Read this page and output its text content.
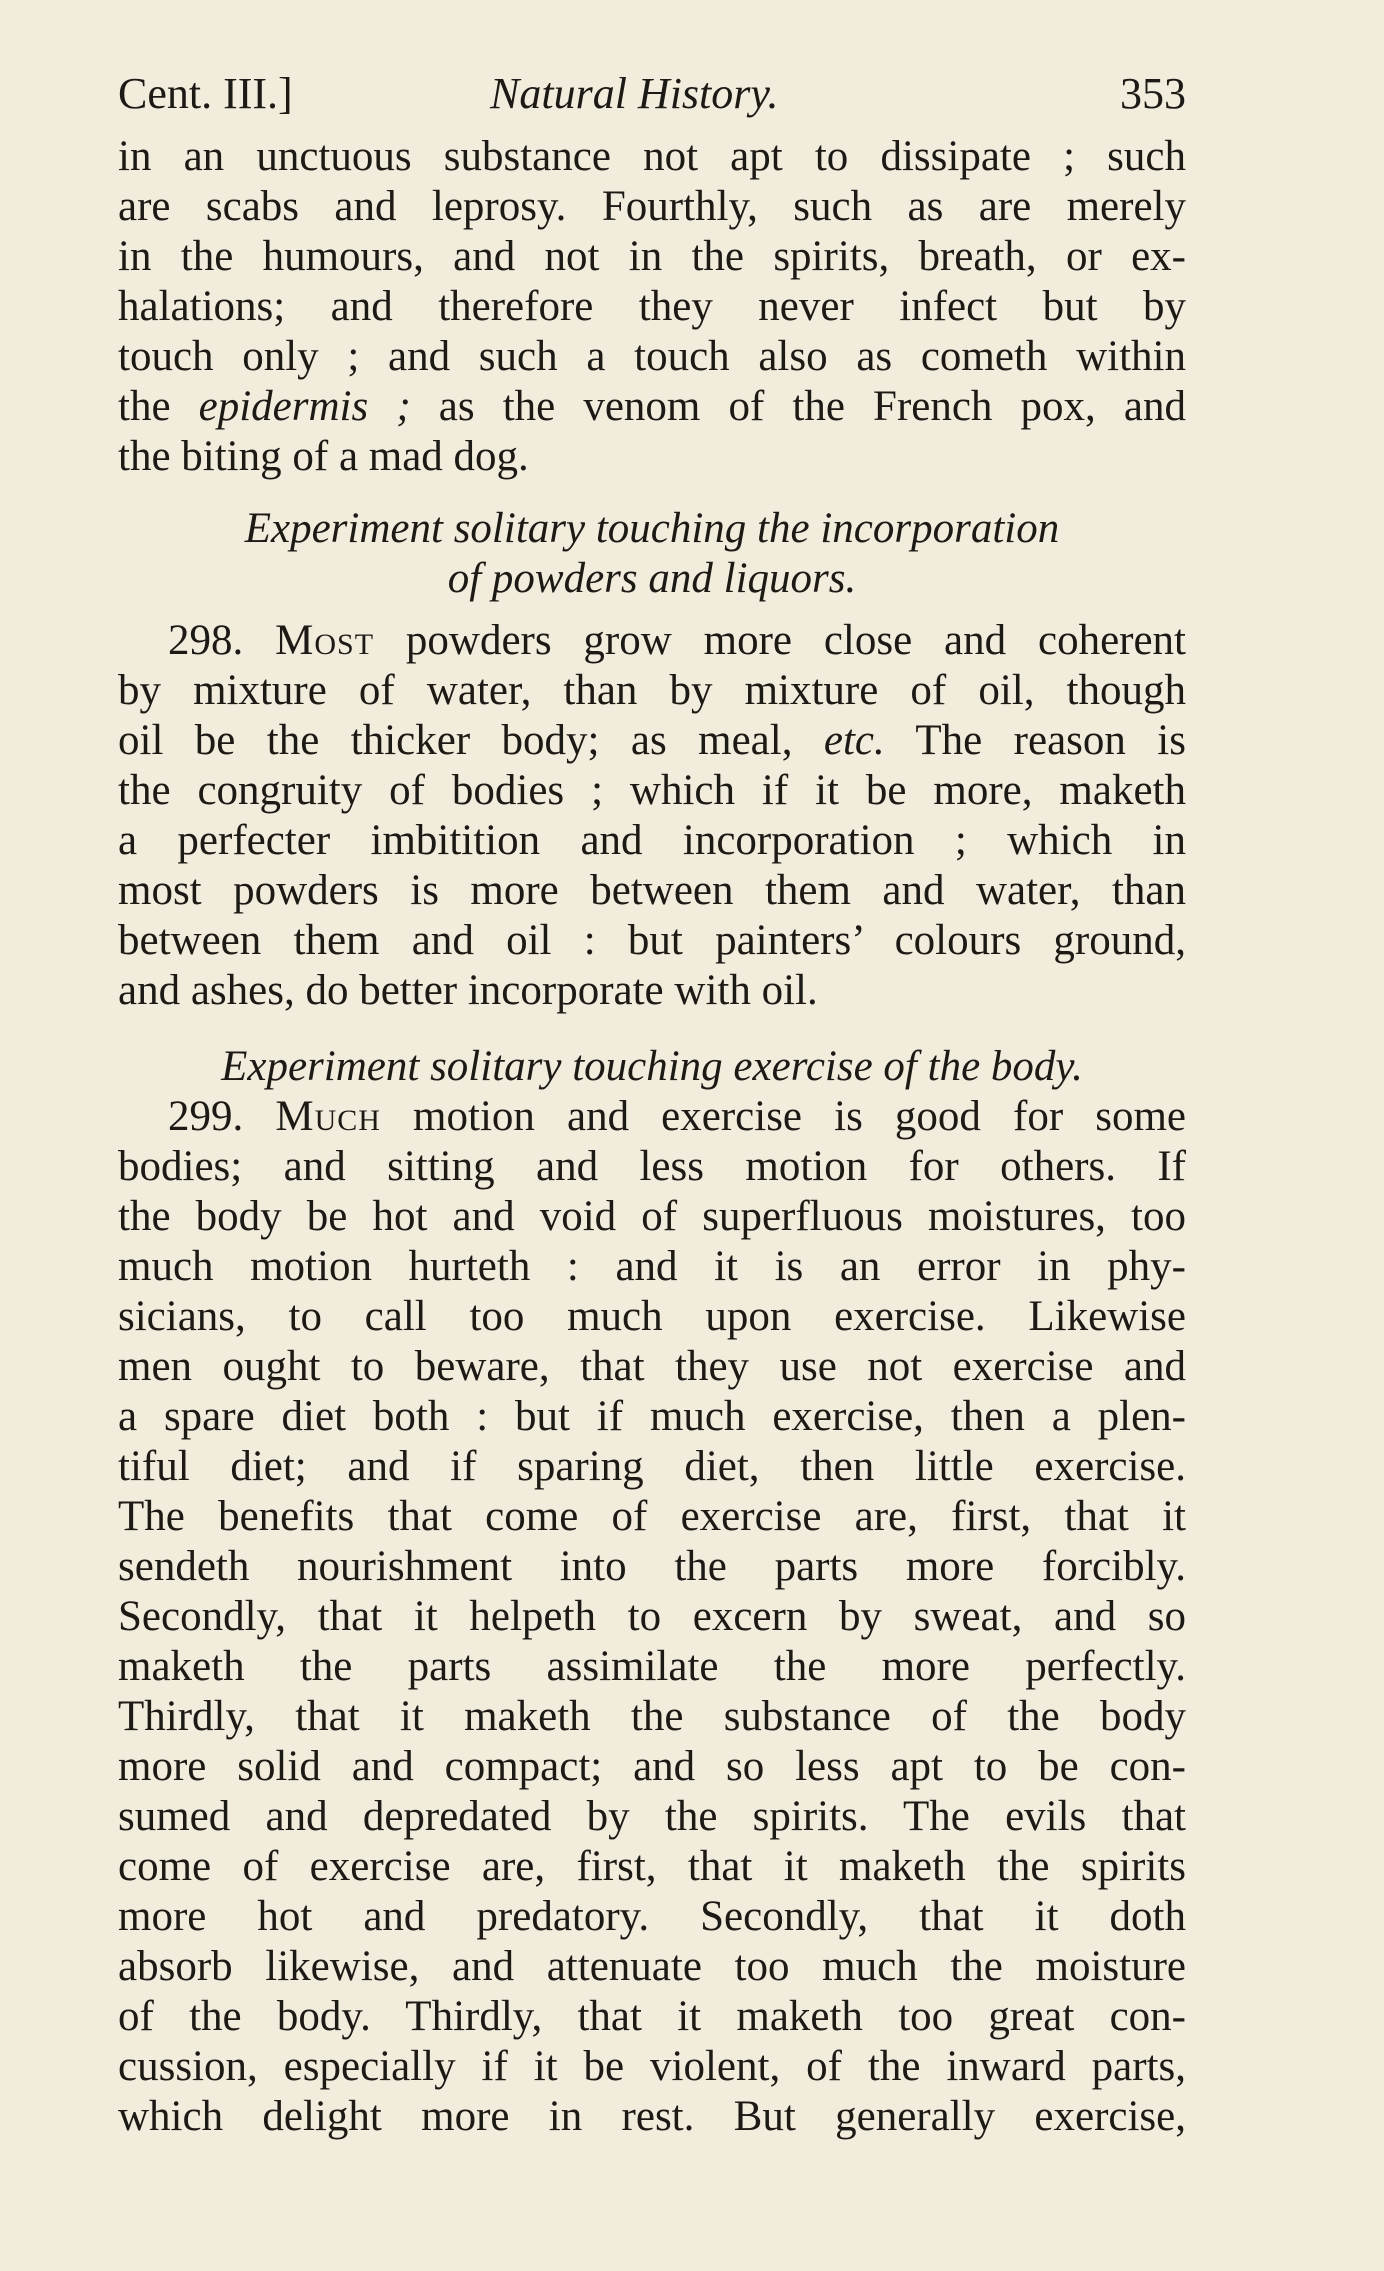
Cent. III.]	Natural History.	353
in an unctuous substance not apt to dissipate ; such
are scabs and leprosy. Fourthly, such as are merely
in the humours, and not in the spirits, breath, or ex-
halations; and therefore they never infect but by
touch only ; and such a touch also as cometh within
the epidermis ; as the venom of the French pox, and
the biting of a mad dog.
Experiment solitary touching the incorporation
of powders and liquors.
298. Most powders grow more close and coherent
by mixture of water, than by mixture of oil, though
oil be the thicker body; as meal, etc. The reason is
the congruity of bodies ; which if it be more, maketh
a perfecter imbitition and incorporation ; which in
most powders is more between them and water, than
between them and oil : but painters’ colours ground,
and ashes, do better incorporate with oil.
Experiment solitary touching exercise of the body.
299. Much motion and exercise is good for some
bodies; and sitting and less motion for others. If
the body be hot and void of superfluous moistures, too
much motion hurteth : and it is an error in phy-
sicians, to call too much upon exercise. Likewise
men ought to beware, that they use not exercise and
a spare diet both : but if much exercise, then a plen-
tiful diet; and if sparing diet, then little exercise.
The benefits that come of exercise are, first, that it
sendeth nourishment into the parts more forcibly.
Secondly, that it helpeth to excern by sweat, and so
maketh the parts assimilate the more perfectly.
Thirdly, that it maketh the substance of the body
more solid and compact; and so less apt to be con-
sumed and depredated by the spirits. The evils that
come of exercise are, first, that it maketh the spirits
more hot and predatory. Secondly, that it doth
absorb likewise, and attenuate too much the moisture
of the body. Thirdly, that it maketh too great con-
cussion, especially if it be violent, of the inward parts,
which delight more in rest. But generally exercise,
